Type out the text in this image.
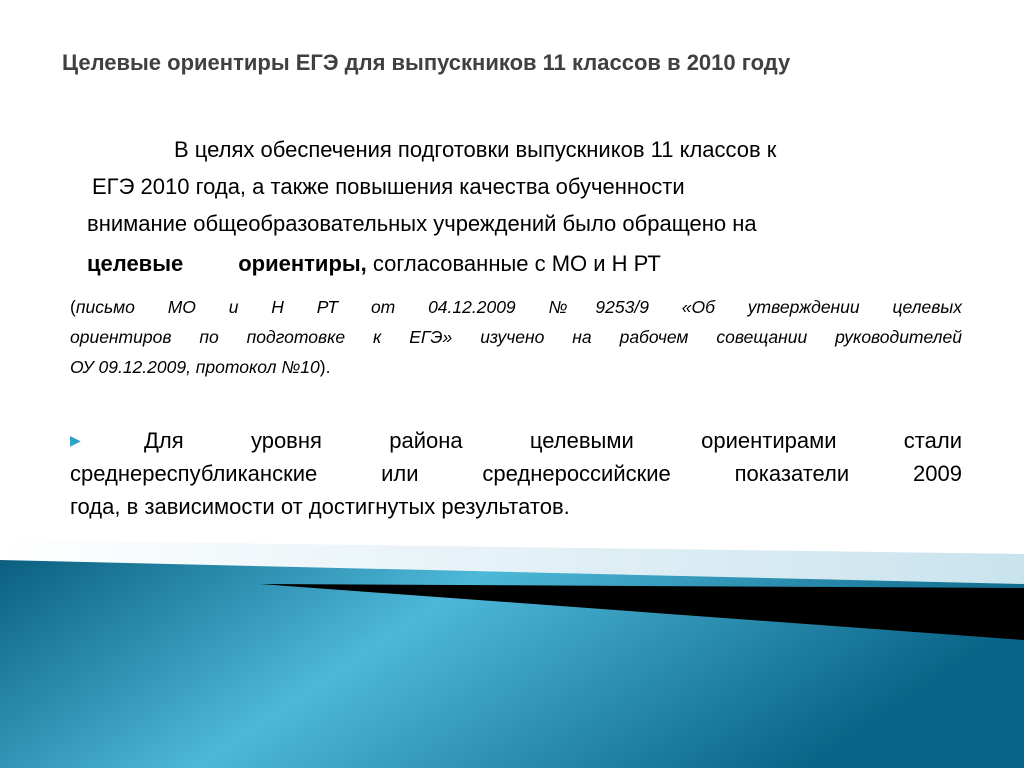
Целевые ориентиры ЕГЭ для выпускников 11 классов в 2010 году
В целях обеспечения подготовки выпускников 11 классов к
ЕГЭ 2010 года, а также повышения качества обученности
внимание общеобразовательных учреждений было обращено на
целевые	ориентиры, согласованные с МО и Н РТ
(письмо МО и Н РТ от 04.12.2009 №9253/9 «Об утверждении целевых
ориентиров по подготовке к ЕГЭ» изучено на рабочем совещании руководителей
ОУ 09.12.2009, протокол №10).
▶Для уровня района целевыми ориентирами стали
среднереспубликанские или среднероссийские показатели 2009
года, в зависимости от достигнутых результатов.
